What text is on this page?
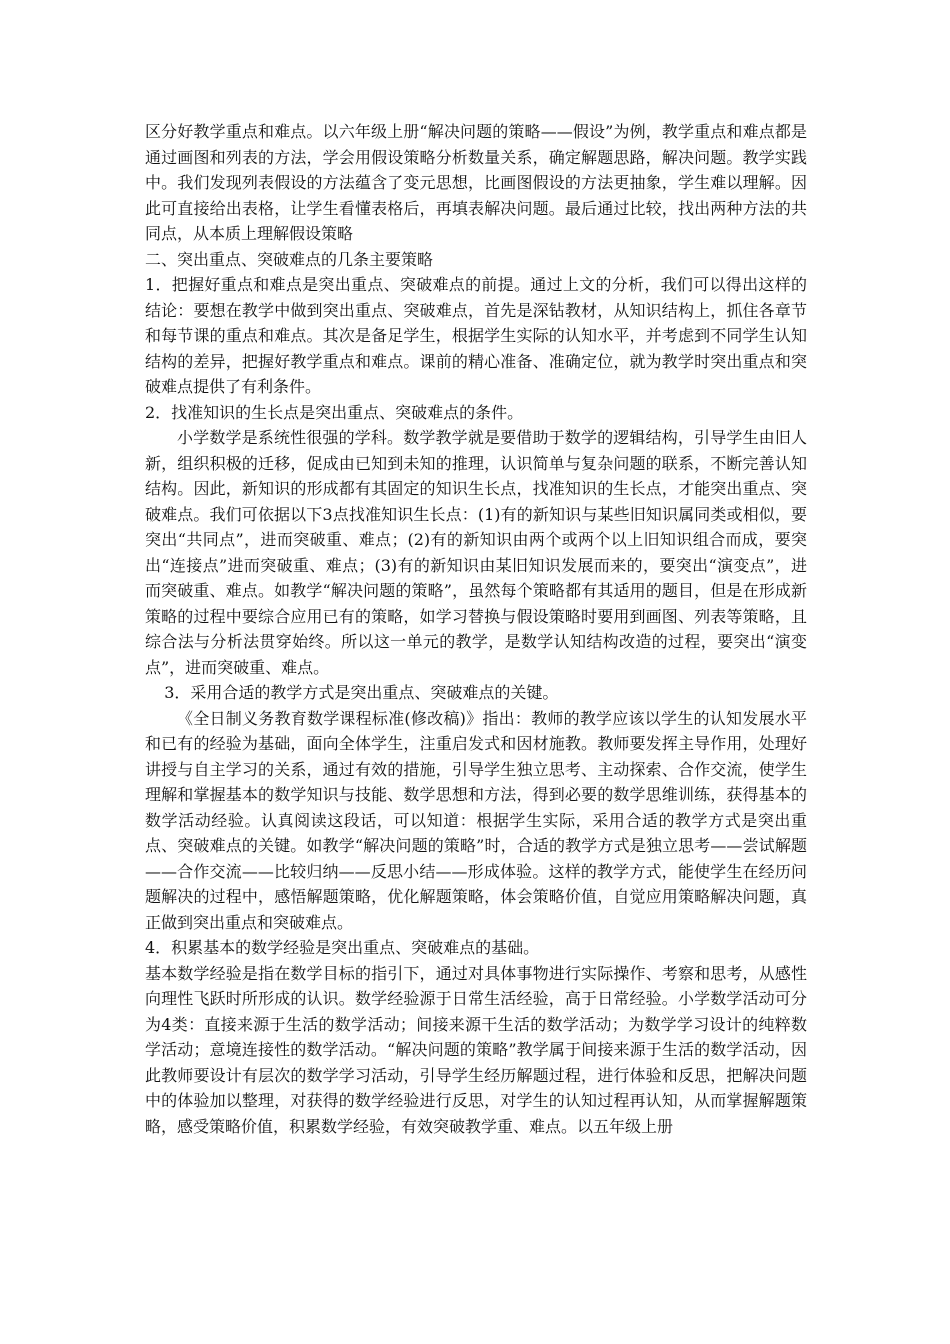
区分好教学重点和难点。以六年级上册“解决问题的策略——假设”为例，教学重点和难点都是通过画图和列表的方法，学会用假设策略分析数量关系，确定解题思路，解决问题。教学实践中。我们发现列表假设的方法蕴含了变元思想，比画图假设的方法更抽象，学生难以理解。因此可直接给出表格，让学生看懂表格后，再填表解决问题。最后通过比较，找出两种方法的共同点，从本质上理解假设策略

二、突出重点、突破难点的几条主要策略

1．把握好重点和难点是突出重点、突破难点的前提。通过上文的分析，我们可以得出这样的结论：要想在教学中做到突出重点、突破难点，首先是深钻教材，从知识结构上，抓住各章节和每节课的重点和难点。其次是备足学生，根据学生实际的认知水平，并考虑到不同学生认知结构的差异，把握好教学重点和难点。课前的精心准备、准确定位，就为教学时突出重点和突破难点提供了有利条件。

2．找准知识的生长点是突出重点、突破难点的条件。

小学数学是系统性很强的学科。数学教学就是要借助于数学的逻辑结构，引导学生由旧人新，组织积极的迁移，促成由已知到未知的推理，认识简单与复杂问题的联系，不断完善认知结构。因此，新知识的形成都有其固定的知识生长点，找准知识的生长点，才能突出重点、突破难点。我们可依据以下3点找准知识生长点：(1)有的新知识与某些旧知识属同类或相似，要突出“共同点”，进而突破重、难点；(2)有的新知识由两个或两个以上旧知识组合而成，要突出“连接点”进而突破重、难点；(3)有的新知识由某旧知识发展而来的，要突出“演变点”，进而突破重、难点。如教学“解决问题的策略”，虽然每个策略都有其适用的题目，但是在形成新策略的过程中要综合应用已有的策略，如学习替换与假设策略时要用到画图、列表等策略，且综合法与分析法贯穿始终。所以这一单元的教学，是数学认知结构改造的过程，要突出“演变点”，进而突破重、难点。

3．采用合适的教学方式是突出重点、突破难点的关键。

《全日制义务教育数学课程标准(修改稿)》指出：教师的教学应该以学生的认知发展水平和已有的经验为基础，面向全体学生，注重启发式和因材施教。教师要发挥主导作用，处理好讲授与自主学习的关系，通过有效的措施，引导学生独立思考、主动探索、合作交流，使学生理解和掌握基本的数学知识与技能、数学思想和方法，得到必要的数学思维训练，获得基本的数学活动经验。认真阅读这段话，可以知道：根据学生实际，采用合适的教学方式是突出重点、突破难点的关键。如教学“解决问题的策略”时，合适的教学方式是独立思考——尝试解题——合作交流——比较归纳——反思小结——形成体验。这样的教学方式，能使学生在经历问题解决的过程中，感悟解题策略，优化解题策略，体会策略价值，自觉应用策略解决问题，真正做到突出重点和突破难点。

4．积累基本的数学经验是突出重点、突破难点的基础。

基本数学经验是指在数学目标的指引下，通过对具体事物进行实际操作、考察和思考，从感性向理性飞跃时所形成的认识。数学经验源于日常生活经验，高于日常经验。小学数学活动可分为4类：直接来源于生活的数学活动；间接来源干生活的数学活动；为数学学习设计的纯粹数学活动；意境连接性的数学活动。“解决问题的策略”教学属于间接来源于生活的数学活动，因此教师要设计有层次的数学学习活动，引导学生经历解题过程，进行体验和反思，把解决问题中的体验加以整理，对获得的数学经验进行反思，对学生的认知过程再认知，从而掌握解题策略，感受策略价值，积累数学经验，有效突破教学重、难点。以五年级上册
